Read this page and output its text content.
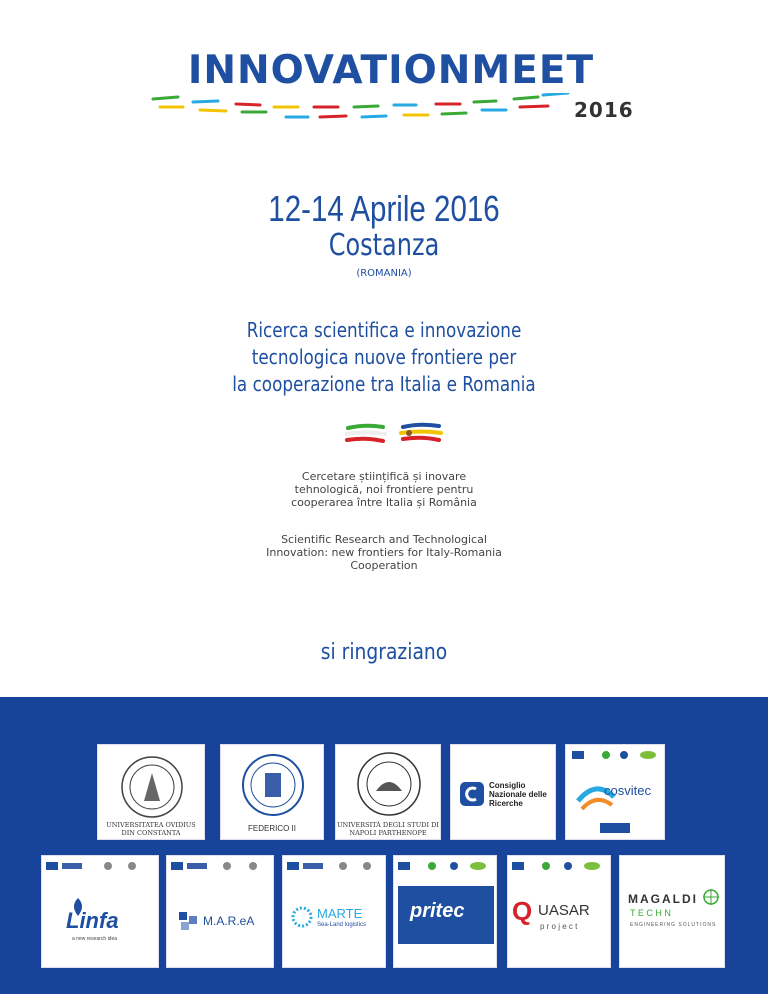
INNOVATIONMEET
2016
12-14 Aprile 2016
Costanza
(ROMANIA)
Ricerca scientifica e innovazione
tecnologica nuove frontiere per
la cooperazione tra Italia e Romania
Cercetare științifică și inovare
tehnologică, noi frontiere pentru
cooperarea între Italia și România
Scientific Research and Technological
Innovation: new frontiers for Italy-Romania
Cooperation
si ringraziano
UNIVERSITATEA OVIDIUS
DIN CONSTANTA	FEDERICO II	UNIVERSITÀ DEGLI STUDI DI
NAPOLI PARTHENOPE
Consiglio
Nazionale delle
Ricerche
cosvitec
Linfa
a new research idea
M.A.R.eA	MARTE
Sea-Land logistics
pritec Q UASAR
p r o j e c t
MAGALDI
T E C H N
ENGINEERING SOLUTIONS
